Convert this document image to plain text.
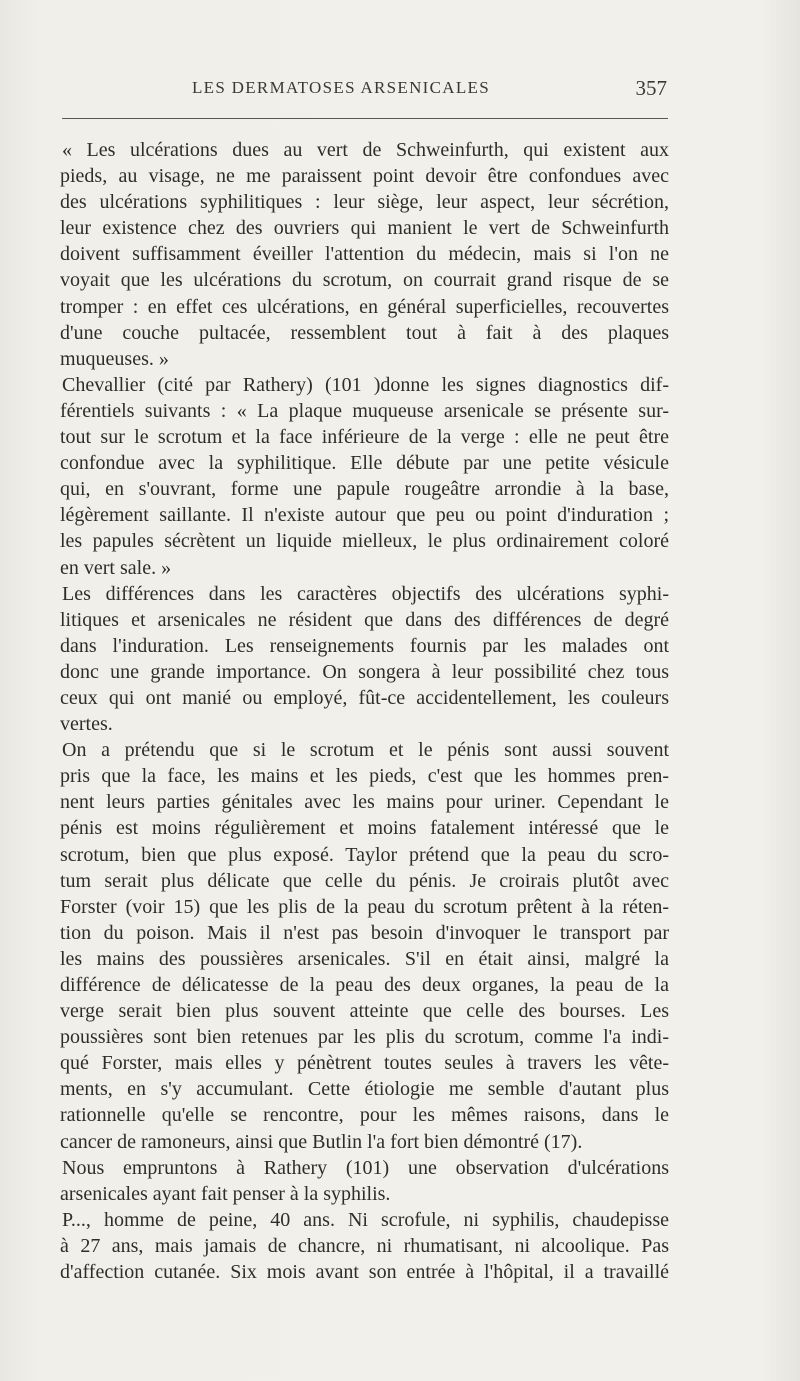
LES DERMATOSES ARSENICALES	357
« Les ulcérations dues au vert de Schweinfurth, qui existent aux
pieds, au visage, ne me paraissent point devoir être confondues avec
des ulcérations syphilitiques : leur siège, leur aspect, leur sécrétion,
leur existence chez des ouvriers qui manient le vert de Schweinfurth
doivent suffisamment éveiller l'attention du médecin, mais si l'on ne
voyait que les ulcérations du scrotum, on courrait grand risque de se
tromper : en effet ces ulcérations, en général superficielles, recouvertes
d'une couche pultacée, ressemblent tout à fait à des plaques
muqueuses. »
Chevallier (cité par Rathery) (101 )donne les signes diagnostics dif-
férentiels suivants : « La plaque muqueuse arsenicale se présente sur-
tout sur le scrotum et la face inférieure de la verge : elle ne peut être
confondue avec la syphilitique. Elle débute par une petite vésicule
qui, en s'ouvrant, forme une papule rougeâtre arrondie à la base,
légèrement saillante. Il n'existe autour que peu ou point d'induration ;
les papules sécrètent un liquide mielleux, le plus ordinairement coloré
en vert sale. »
Les différences dans les caractères objectifs des ulcérations syphi-
litiques et arsenicales ne résident que dans des différences de degré
dans l'induration. Les renseignements fournis par les malades ont
donc une grande importance. On songera à leur possibilité chez tous
ceux qui ont manié ou employé, fût-ce accidentellement, les couleurs
vertes.
On a prétendu que si le scrotum et le pénis sont aussi souvent
pris que la face, les mains et les pieds, c'est que les hommes pren-
nent leurs parties génitales avec les mains pour uriner. Cependant le
pénis est moins régulièrement et moins fatalement intéressé que le
scrotum, bien que plus exposé. Taylor prétend que la peau du scro-
tum serait plus délicate que celle du pénis. Je croirais plutôt avec
Forster (voir 15) que les plis de la peau du scrotum prêtent à la réten-
tion du poison. Mais il n'est pas besoin d'invoquer le transport par
les mains des poussières arsenicales. S'il en était ainsi, malgré la
différence de délicatesse de la peau des deux organes, la peau de la
verge serait bien plus souvent atteinte que celle des bourses. Les
poussières sont bien retenues par les plis du scrotum, comme l'a indi-
qué Forster, mais elles y pénètrent toutes seules à travers les vête-
ments, en s'y accumulant. Cette étiologie me semble d'autant plus
rationnelle qu'elle se rencontre, pour les mêmes raisons, dans le
cancer de ramoneurs, ainsi que Butlin l'a fort bien démontré (17).
Nous empruntons à Rathery (101) une observation d'ulcérations
arsenicales ayant fait penser à la syphilis.
P..., homme de peine, 40 ans. Ni scrofule, ni syphilis, chaudepisse
à 27 ans, mais jamais de chancre, ni rhumatisant, ni alcoolique. Pas
d'affection cutanée. Six mois avant son entrée à l'hôpital, il a travaillé
